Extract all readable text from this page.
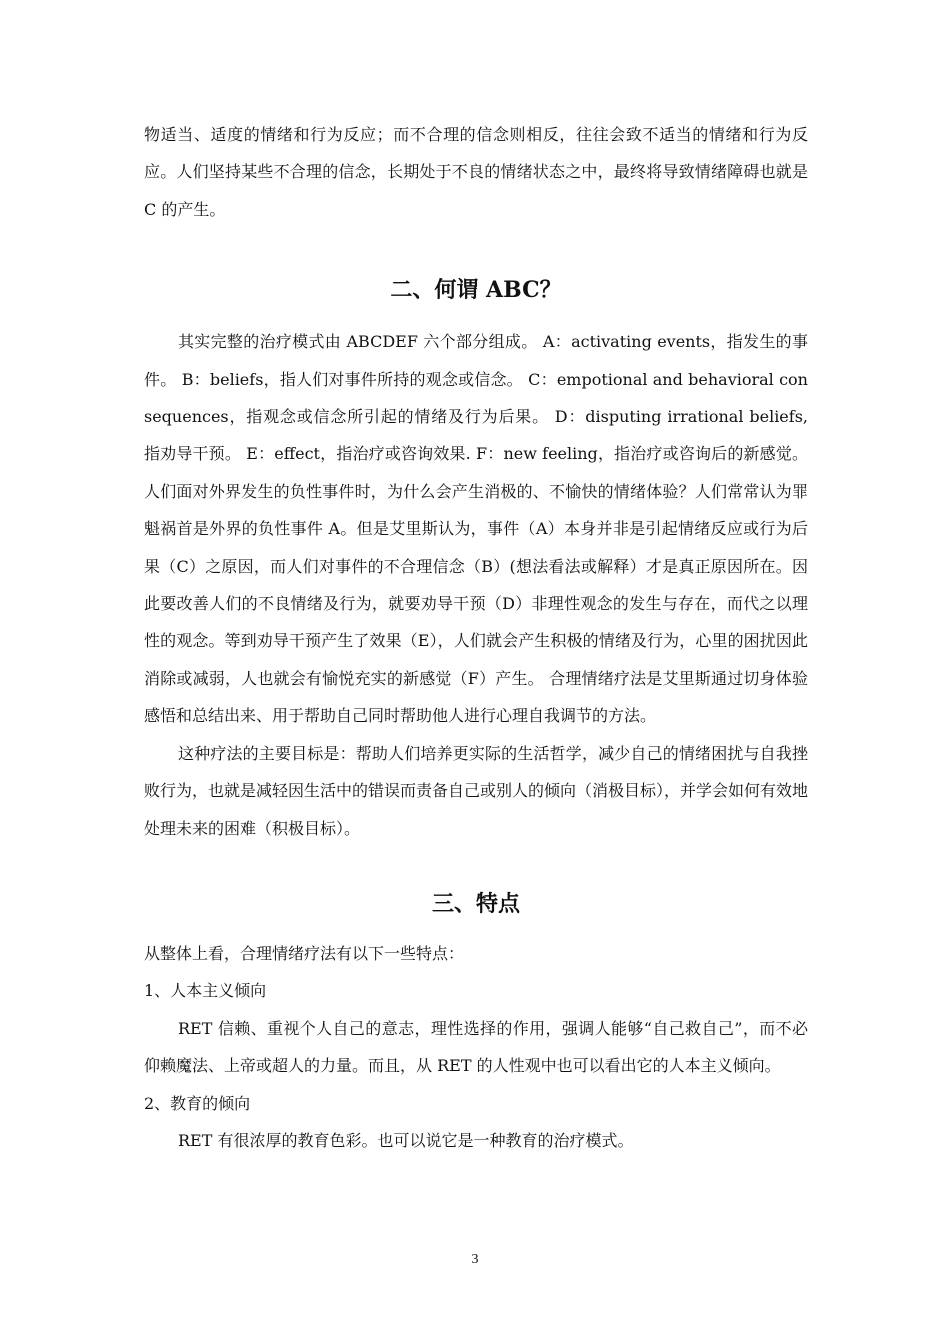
物适当、适度的情绪和行为反应；而不合理的信念则相反，往往会致不适当的情绪和行为反应。人们坚持某些不合理的信念，长期处于不良的情绪状态之中，最终将导致情绪障碍也就是 C 的产生。

二、何谓 ABC？

其实完整的治疗模式由 ABCDEF 六个部分组成。 A：activating events，指发生的事件。 B：beliefs，指人们对事件所持的观念或信念。 C：empotional and behavioral consequences，指观念或信念所引起的情绪及行为后果。 D：disputing irrational beliefs, 指劝导干预。 E：effect，指治疗或咨询效果. F：new feeling，指治疗或咨询后的新感觉。 人们面对外界发生的负性事件时，为什么会产生消极的、不愉快的情绪体验？人们常常认为罪魁祸首是外界的负性事件 A。但是艾里斯认为，事件（A）本身并非是引起情绪反应或行为后果（C）之原因，而人们对事件的不合理信念（B）(想法看法或解释）才是真正原因所在。因此要改善人们的不良情绪及行为，就要劝导干预（D）非理性观念的发生与存在，而代之以理性的观念。等到劝导干预产生了效果（E），人们就会产生积极的情绪及行为，心里的困扰因此消除或减弱，人也就会有愉悦充实的新感觉（F）产生。 合理情绪疗法是艾里斯通过切身体验感悟和总结出来、用于帮助自己同时帮助他人进行心理自我调节的方法。

这种疗法的主要目标是：帮助人们培养更实际的生活哲学，减少自己的情绪困扰与自我挫败行为，也就是减轻因生活中的错误而责备自己或别人的倾向（消极目标），并学会如何有效地处理未来的困难（积极目标）。

三、特点

从整体上看，合理情绪疗法有以下一些特点：

1、人本主义倾向

RET 信赖、重视个人自己的意志，理性选择的作用，强调人能够“自己救自己”，而不必仰赖魔法、上帝或超人的力量。而且，从 RET 的人性观中也可以看出它的人本主义倾向。

2、教育的倾向

RET 有很浓厚的教育色彩。也可以说它是一种教育的治疗模式。

3
